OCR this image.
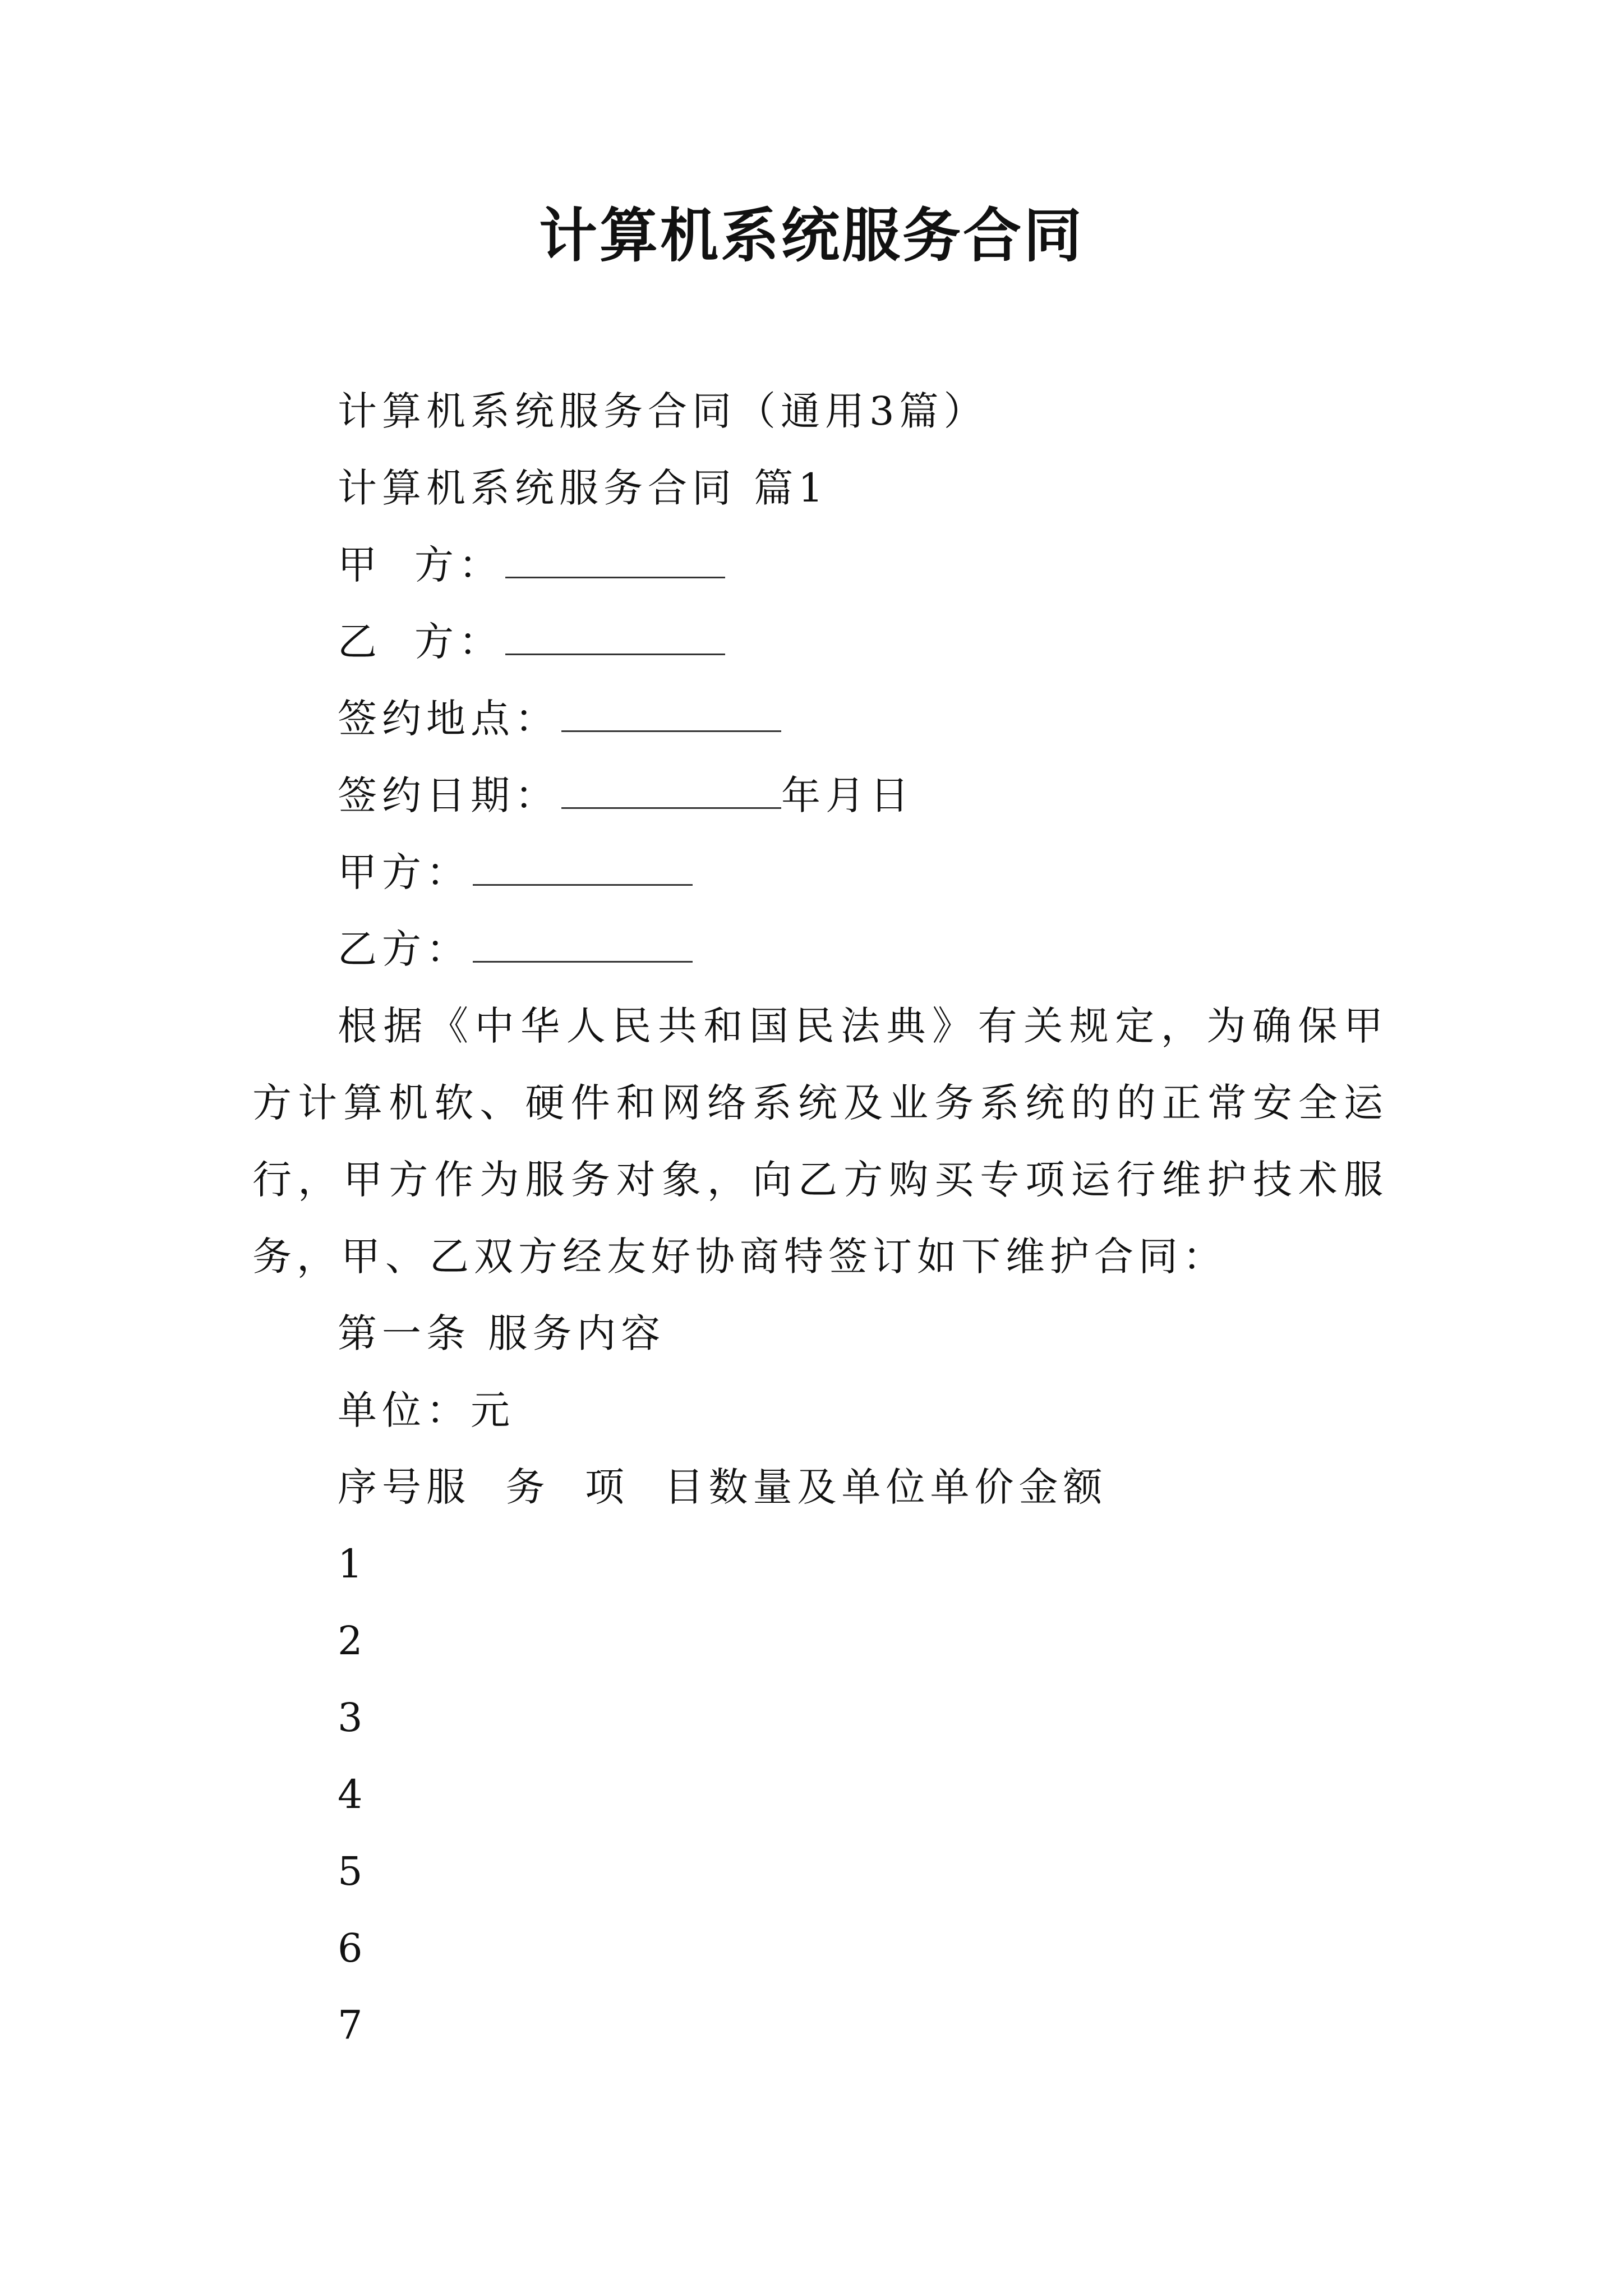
计算机系统服务合同

计算机系统服务合同（通用3篇）

计算机系统服务合同 篇1

甲 方：

乙 方：

签约地点：

签约日期：	年月日

甲方：

乙方：

根据《中华人民共和国民法典》有关规定，为确保甲方计算机软、硬件和网络系统及业务系统的的正常安全运行，甲方作为服务对象，向乙方购买专项运行维护技术服务，甲、乙双方经友好协商特签订如下维护合同：

第一条 服务内容

单位：元

序号服  务  项  目数量及单位单价金额

1

2

3

4

5

6

7
